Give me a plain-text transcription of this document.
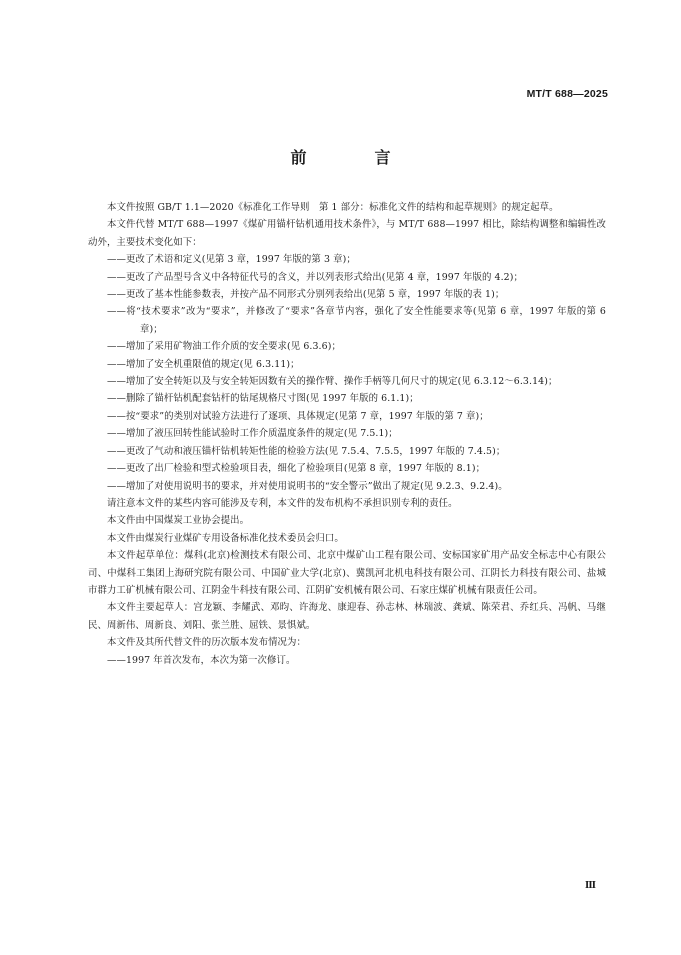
MT/T 688—2025
前　言

本文件按照 GB/T 1.1—2020《标准化工作导则　第 1 部分：标准化文件的结构和起草规则》的规定起草。

本文件代替 MT/T 688—1997《煤矿用锚杆钻机通用技术条件》，与 MT/T 688—1997 相比，除结构调整和编辑性改动外，主要技术变化如下：

——更改了术语和定义(见第 3 章，1997 年版的第 3 章)；

——更改了产品型号含义中各特征代号的含义，并以列表形式给出(见第 4 章，1997 年版的 4.2)；

——更改了基本性能参数表，并按产品不同形式分别列表给出(见第 5 章，1997 年版的表 1)；

——将“技术要求”改为“要求”，并修改了“要求”各章节内容，强化了安全性能要求等(见第 6 章，1997 年版的第 6 章)；

——增加了采用矿物油工作介质的安全要求(见 6.3.6)；

——增加了安全机重限值的规定(见 6.3.11)；

——增加了安全转矩以及与安全转矩因数有关的操作臂、操作手柄等几何尺寸的规定(见 6.3.12～6.3.14)；

——删除了锚杆钻机配套钻杆的钻尾规格尺寸图(见 1997 年版的 6.1.1)；

——按“要求”的类别对试验方法进行了逐项、具体规定(见第 7 章，1997 年版的第 7 章)；

——增加了液压回转性能试验时工作介质温度条件的规定(见 7.5.1)；

——更改了气动和液压锚杆钻机转矩性能的检验方法(见 7.5.4、7.5.5，1997 年版的 7.4.5)；

——更改了出厂检验和型式检验项目表，细化了检验项目(见第 8 章，1997 年版的 8.1)；

——增加了对使用说明书的要求，并对使用说明书的“安全警示”做出了规定(见 9.2.3、9.2.4)。

请注意本文件的某些内容可能涉及专利，本文件的发布机构不承担识别专利的责任。

本文件由中国煤炭工业协会提出。

本文件由煤炭行业煤矿专用设备标准化技术委员会归口。

本文件起草单位：煤科(北京)检测技术有限公司、北京中煤矿山工程有限公司、安标国家矿用产品安全标志中心有限公司、中煤科工集团上海研究院有限公司、中国矿业大学(北京)、冀凯河北机电科技有限公司、江阴长力科技有限公司、盐城市群力工矿机械有限公司、江阴金牛科技有限公司、江阴矿安机械有限公司、石家庄煤矿机械有限责任公司。

本文件主要起草人：宫龙颖、李耀武、邓昀、许海龙、康迎春、孙志林、林瑞波、龚斌、陈荣君、乔红兵、冯帆、马继民、周新伟、周新良、刘阳、张兰胜、屈铁、景惧斌。

本文件及其所代替文件的历次版本发布情况为：

——1997 年首次发布，本次为第一次修订。

Ⅲ
